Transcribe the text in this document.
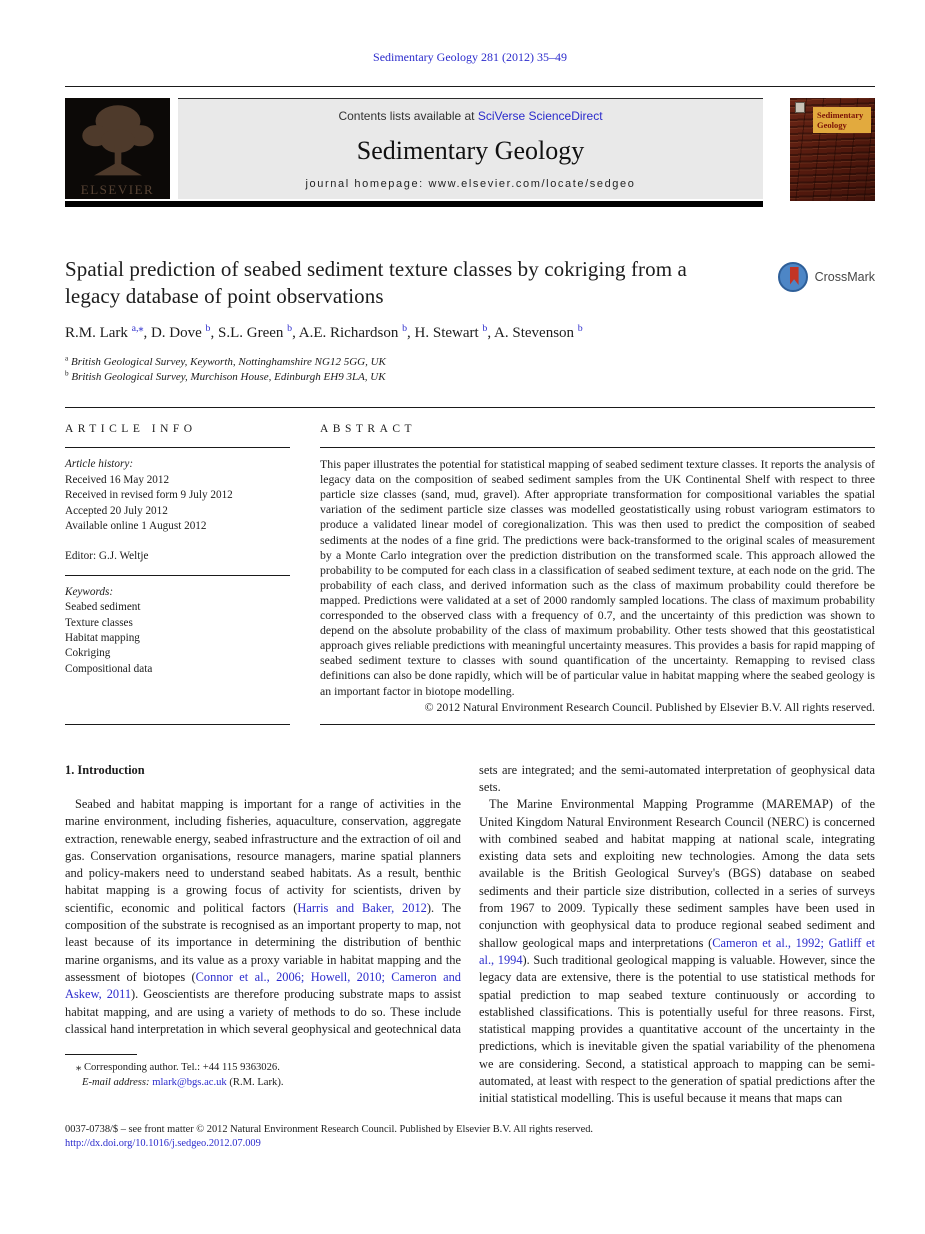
Sedimentary Geology 281 (2012) 35–49
ELSEVIER
Contents lists available at SciVerse ScienceDirect
Sedimentary Geology
journal homepage: www.elsevier.com/locate/sedgeo
Sedimentary Geology
Spatial prediction of seabed sediment texture classes by cokriging from a legacy database of point observations
CrossMark
R.M. Lark $^{a,⁎}$, D. Dove $^b$, S.L. Green $^b$, A.E. Richardson $^b$, H. Stewart $^b$, A. Stevenson $^b$
$^a$ British Geological Survey, Keyworth, Nottinghamshire NG12 5GG, UK
$^b$ British Geological Survey, Murchison House, Edinburgh EH9 3LA, UK
ARTICLE INFO
Article history:
Received 16 May 2012
Received in revised form 9 July 2012
Accepted 20 July 2012
Available online 1 August 2012
Editor: G.J. Weltje
Keywords:
Seabed sediment
Texture classes
Habitat mapping
Cokriging
Compositional data
ABSTRACT

This paper illustrates the potential for statistical mapping of seabed sediment texture classes. It reports the analysis of legacy data on the composition of seabed sediment samples from the UK Continental Shelf with respect to three particle size classes (sand, mud, gravel). After appropriate transformation for compositional variables the spatial variation of the sediment particle size classes was modelled geostatistically using robust variogram estimators to produce a validated linear model of coregionalization. This was then used to predict the composition of seabed sediments at the nodes of a fine grid. The predictions were back-transformed to the original scales of measurement by a Monte Carlo integration over the prediction distribution on the transformed scale. This approach allowed the probability to be computed for each class in a classification of seabed sediment texture, at each node on the grid. The probability of each class, and derived information such as the class of maximum probability could therefore be mapped. Predictions were validated at a set of 2000 randomly sampled locations. The class of maximum probability corresponded to the observed class with a frequency of 0.7, and the uncertainty of this prediction was shown to depend on the absolute probability of the class of maximum probability. Other tests showed that this geostatistical approach gives reliable predictions with meaningful uncertainty measures. This provides a basis for rapid mapping of seabed sediment texture to classes with sound quantification of the uncertainty. Remapping to revised class definitions can also be done rapidly, which will be of particular value in habitat mapping where the seabed geology is an important factor in biotope modelling.

© 2012 Natural Environment Research Council. Published by Elsevier B.V. All rights reserved.
1. Introduction

Seabed and habitat mapping is important for a range of activities in the marine environment, including fisheries, aquaculture, conservation, aggregate extraction, renewable energy, seabed infrastructure and the extraction of oil and gas. Conservation organisations, resource managers, marine spatial planners and policy-makers need to understand seabed habitats. As a result, benthic habitat mapping is a growing focus of activity for scientists, driven by scientific, economic and political factors (Harris and Baker, 2012). The composition of the substrate is recognised as an important property to map, not least because of its importance in determining the distribution of benthic marine organisms, and its value as a proxy variable in habitat mapping and the assessment of biotopes (Connor et al., 2006; Howell, 2010; Cameron and Askew, 2011). Geoscientists are therefore producing substrate maps to assist habitat mapping, and are using a variety of methods to do so. These include classical hand interpretation in which several geophysical and geotechnical data

⁎ Corresponding author. Tel.: +44 115 9363026.
E-mail address: mlark@bgs.ac.uk (R.M. Lark).

sets are integrated; and the semi-automated interpretation of geophysical data sets.

The Marine Environmental Mapping Programme (MAREMAP) of the United Kingdom Natural Environment Research Council (NERC) is concerned with combined seabed and habitat mapping at national scale, integrating existing data sets and exploiting new technologies. Among the data sets available is the British Geological Survey's (BGS) database on seabed sediments and their particle size distribution, collected in a series of surveys from 1967 to 2009. Typically these sediment samples have been used in conjunction with geophysical data to produce regional seabed sediment and shallow geological maps and interpretations (Cameron et al., 1992; Gatliff et al., 1994). Such traditional geological mapping is valuable. However, since the legacy data are extensive, there is the potential to use statistical methods for spatial prediction to map seabed texture continuously or according to established classifications. This is potentially useful for three reasons. First, statistical mapping provides a quantitative account of the uncertainty in the predictions, which is inevitable given the spatial variability of the phenomena we are considering. Second, a statistical approach to mapping can be semi-automated, at least with respect to the generation of spatial predictions after the initial statistical modelling. This is useful because it means that maps can

0037-0738/$ – see front matter © 2012 Natural Environment Research Council. Published by Elsevier B.V. All rights reserved.
http://dx.doi.org/10.1016/j.sedgeo.2012.07.009
